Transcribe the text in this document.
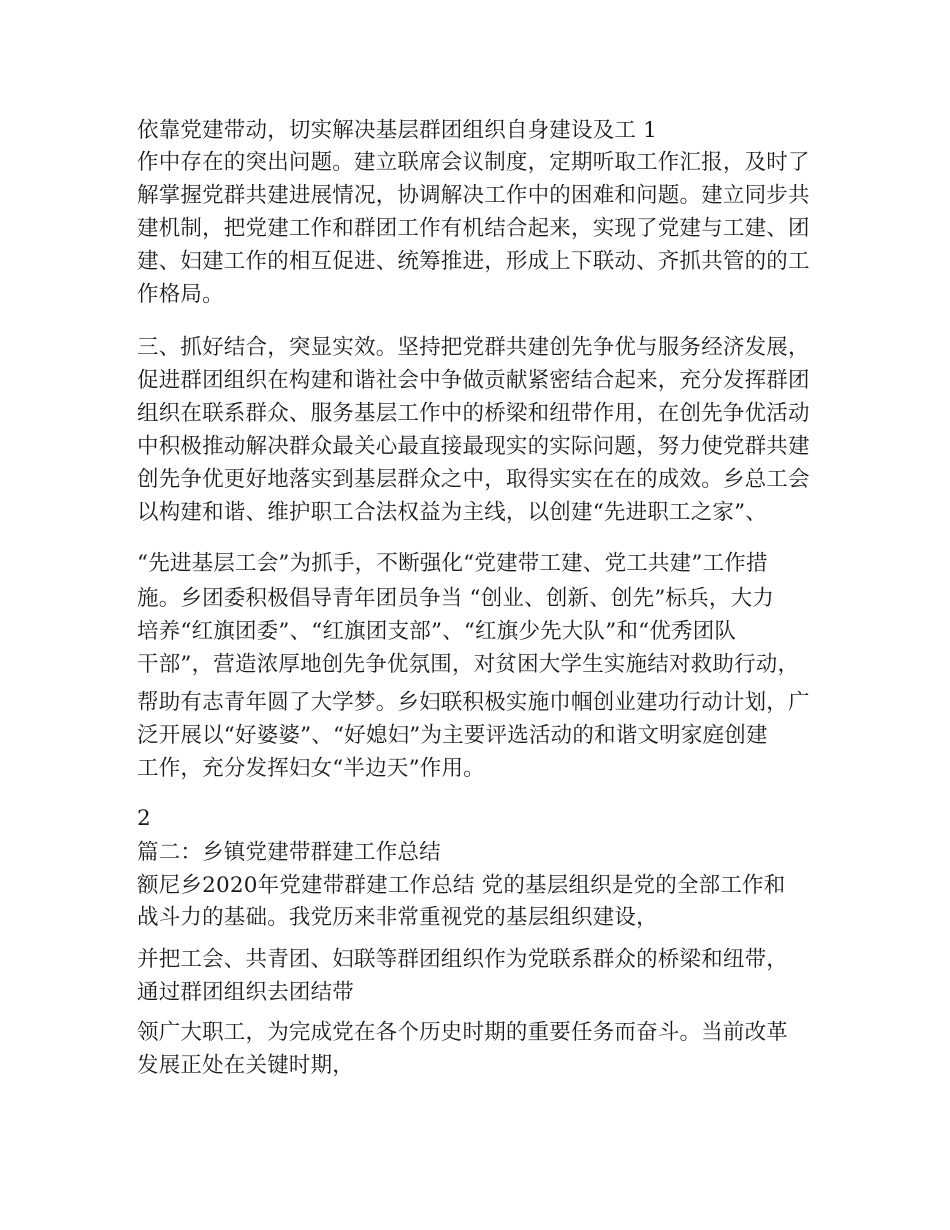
依靠党建带动，切实解决基层群团组织自身建设及工 1
作中存在的突出问题。建立联席会议制度，定期听取工作汇报，及时了
解掌握党群共建进展情况，协调解决工作中的困难和问题。建立同步共
建机制，把党建工作和群团工作有机结合起来，实现了党建与工建、团
建、妇建工作的相互促进、统筹推进，形成上下联动、齐抓共管的的工
作格局。
三、抓好结合，突显实效。坚持把党群共建创先争优与服务经济发展，
促进群团组织在构建和谐社会中争做贡献紧密结合起来，充分发挥群团
组织在联系群众、服务基层工作中的桥梁和纽带作用，在创先争优活动
中积极推动解决群众最关心最直接最现实的实际问题，努力使党群共建
创先争优更好地落实到基层群众之中，取得实实在在的成效。乡总工会
以构建和谐、维护职工合法权益为主线，以创建“先进职工之家”、
“先进基层工会”为抓手，不断强化“党建带工建、党工共建”工作措
施。乡团委积极倡导青年团员争当 “创业、创新、创先”标兵，大力
培养“红旗团委”、“红旗团支部”、“红旗少先大队”和“优秀团队
干部”，营造浓厚地创先争优氛围，对贫困大学生实施结对救助行动，
帮助有志青年圆了大学梦。乡妇联积极实施巾帼创业建功行动计划，广
泛开展以“好婆婆”、“好媳妇”为主要评选活动的和谐文明家庭创建
工作，充分发挥妇女“半边天”作用。
2
篇二：乡镇党建带群建工作总结
额尼乡2020年党建带群建工作总结 党的基层组织是党的全部工作和
战斗力的基础。我党历来非常重视党的基层组织建设，
并把工会、共青团、妇联等群团组织作为党联系群众的桥梁和纽带，
通过群团组织去团结带
领广大职工，为完成党在各个历史时期的重要任务而奋斗。当前改革
发展正处在关键时期，
